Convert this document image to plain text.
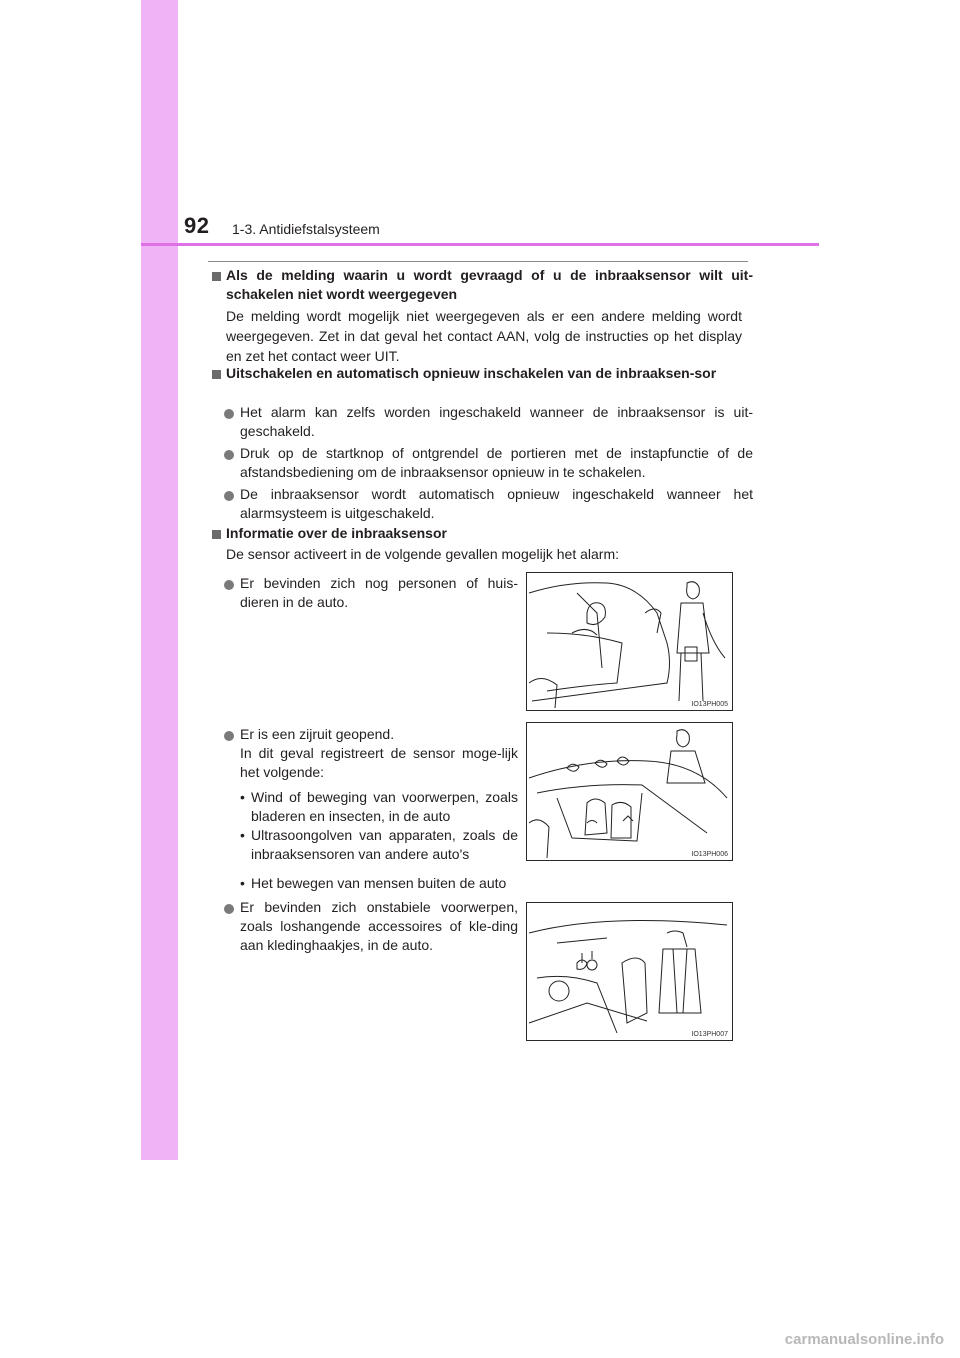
92 1-3. Antidiefstalsysteem
Als de melding waarin u wordt gevraagd of u de inbraaksensor wilt uit-schakelen niet wordt weergegeven
De melding wordt mogelijk niet weergegeven als er een andere melding wordt weergegeven. Zet in dat geval het contact AAN, volg de instructies op het display en zet het contact weer UIT.
Uitschakelen en automatisch opnieuw inschakelen van de inbraaksen-sor
Het alarm kan zelfs worden ingeschakeld wanneer de inbraaksensor is uit-geschakeld.
Druk op de startknop of ontgrendel de portieren met de instapfunctie of de afstandsbediening om de inbraaksensor opnieuw in te schakelen.
De inbraaksensor wordt automatisch opnieuw ingeschakeld wanneer het alarmsysteem is uitgeschakeld.
Informatie over de inbraaksensor
De sensor activeert in de volgende gevallen mogelijk het alarm:
Er bevinden zich nog personen of huis-dieren in de auto.
IO13PH005
Er is een zijruit geopend.
In dit geval registreert de sensor moge-lijk het volgende:
• Wind of beweging van voorwerpen, zoals bladeren en insecten, in de auto
• Ultrasoongolven van apparaten, zoals de inbraaksensoren van andere auto's
• Het bewegen van mensen buiten de auto
IO13PH006
Er bevinden zich onstabiele voorwerpen, zoals loshangende accessoires of kle-ding aan kledinghaakjes, in de auto.
IO13PH007
carmanualsonline.info
